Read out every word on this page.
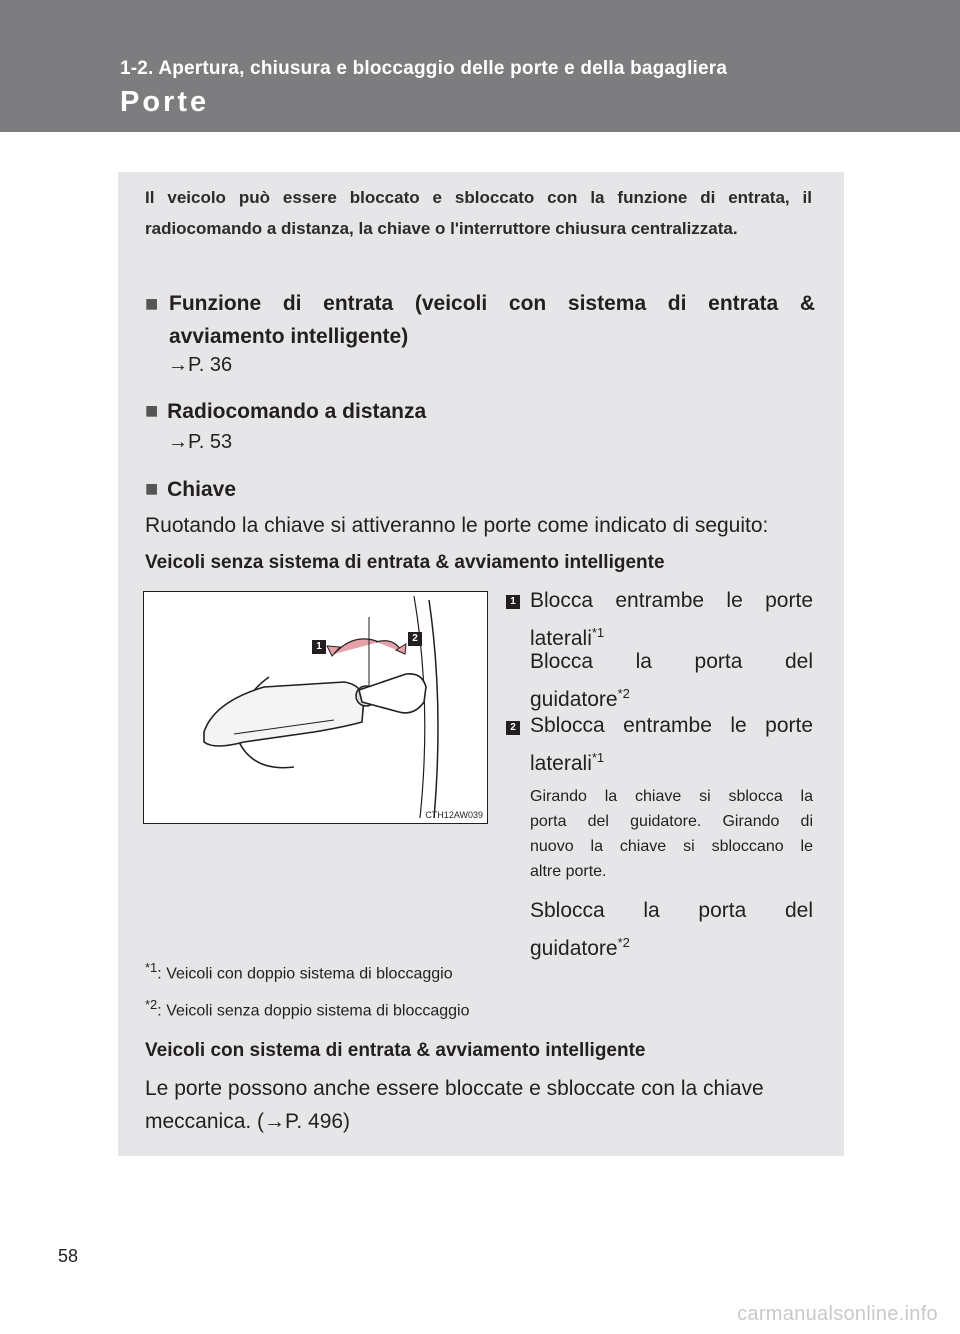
1-2. Apertura, chiusura e bloccaggio delle porte e della bagagliera
Porte
Il veicolo può essere bloccato e sbloccato con la funzione di entrata, il radiocomando a distanza, la chiave o l'interruttore chiusura centralizzata.
■ Funzione di entrata (veicoli con sistema di entrata &
avviamento intelligente)
→P. 36
■ Radiocomando a distanza
→P. 53
■ Chiave
Ruotando la chiave si attiveranno le porte come indicato di seguito:
Veicoli senza sistema di entrata & avviamento intelligente
1
2
CTH12AW039
1 Blocca entrambe le porte
laterali$^{*1}$
Blocca la porta del
guidatore$^{*2}$
2 Sblocca entrambe le porte
laterali$^{*1}$
Girando la chiave si sblocca la
porta del guidatore. Girando di
nuovo la chiave si sbloccano le
altre porte.
Sblocca la porta del
guidatore$^{*2}$
$^{*1}$: Veicoli con doppio sistema di bloccaggio
$^{*2}$: Veicoli senza doppio sistema di bloccaggio
Veicoli con sistema di entrata & avviamento intelligente
Le porte possono anche essere bloccate e sbloccate con la chiave
meccanica. (→P. 496)
58
carmanualsonline.info
